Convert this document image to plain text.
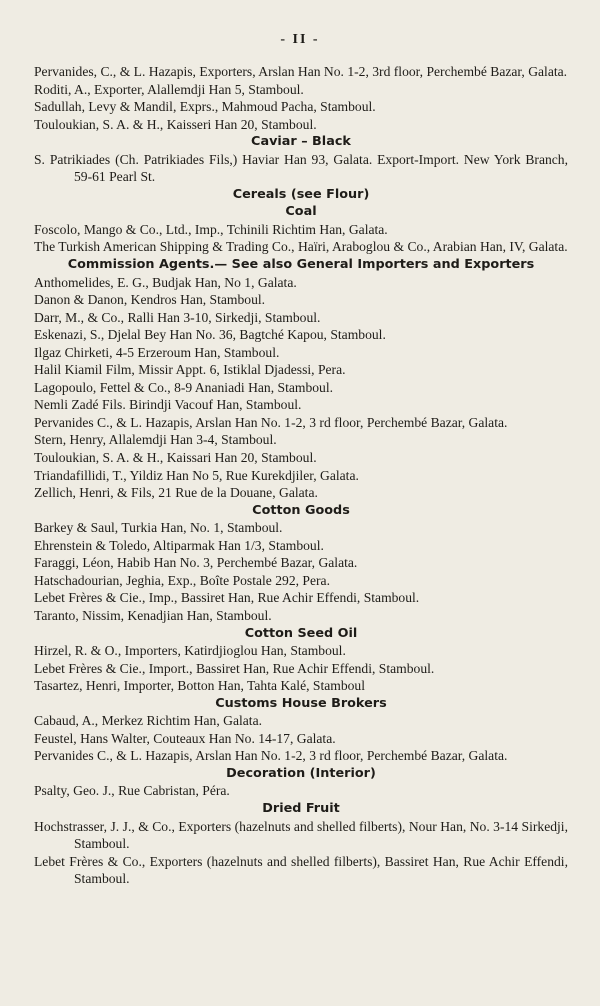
- II -

Pervanides, C., & L. Hazapis, Exporters, Arslan Han No. 1-2, 3rd floor, Perchembé Bazar, Galata.

Roditi, A., Exporter, Alallemdji Han 5, Stamboul.

Sadullah, Levy & Mandil, Exprs., Mahmoud Pacha, Stamboul.

Touloukian, S. A. & H., Kaisseri Han 20, Stamboul.

Caviar – Black

S. Patrikiades (Ch. Patrikiades Fils,) Haviar Han 93, Galata. Export-Import. New York Branch, 59-61 Pearl St.

Cereals (see Flour)

Coal

Foscolo, Mango & Co., Ltd., Imp., Tchinili Richtim Han, Galata.

The Turkish American Shipping & Trading Co., Haïri, Araboglou & Co., Arabian Han, IV, Galata.

Commission Agents.— See also General Importers and Exporters

Anthomelides, E. G., Budjak Han, No 1, Galata.

Danon & Danon, Kendros Han, Stamboul.

Darr, M., & Co., Ralli Han 3-10, Sirkedji, Stamboul.

Eskenazi, S., Djelal Bey Han No. 36, Bagtché Kapou, Stamboul.

Ilgaz Chirketi, 4-5 Erzeroum Han, Stamboul.

Halil Kiamil Film, Missir Appt. 6, Istiklal Djadessi, Pera.

Lagopoulo, Fettel & Co., 8-9 Ananiadi Han, Stamboul.

Nemli Zadé Fils. Birindji Vacouf Han, Stamboul.

Pervanides C., & L. Hazapis, Arslan Han No. 1-2, 3 rd floor, Perchembé Bazar, Galata.

Stern, Henry, Allalemdji Han 3-4, Stamboul.

Touloukian, S. A. & H., Kaissari Han 20, Stamboul.

Triandafillidi, T., Yildiz Han No 5, Rue Kurekdjiler, Galata.

Zellich, Henri, & Fils, 21 Rue de la Douane, Galata.

Cotton Goods

Barkey & Saul, Turkia Han, No. 1, Stamboul.

Ehrenstein & Toledo, Altiparmak Han 1/3, Stamboul.

Faraggi, Léon, Habib Han No. 3, Perchembé Bazar, Galata.

Hatschadourian, Jeghia, Exp., Boîte Postale 292, Pera.

Lebet Frères & Cie., Imp., Bassiret Han, Rue Achir Effendi, Stamboul.

Taranto, Nissim, Kenadjian Han, Stamboul.

Cotton Seed Oil

Hirzel, R. & O., Importers, Katirdjioglou Han, Stamboul.

Lebet Frères & Cie., Import., Bassiret Han, Rue Achir Effendi, Stamboul.

Tasartez, Henri, Importer, Botton Han, Tahta Kalé, Stamboul

Customs House Brokers

Cabaud, A., Merkez Richtim Han, Galata.

Feustel, Hans Walter, Couteaux Han No. 14-17, Galata.

Pervanides C., & L. Hazapis, Arslan Han No. 1-2, 3 rd floor, Perchembé Bazar, Galata.

Decoration (Interior)

Psalty, Geo. J., Rue Cabristan, Péra.

Dried Fruit

Hochstrasser, J. J., & Co., Exporters (hazelnuts and shelled filberts), Nour Han, No. 3-14 Sirkedji, Stamboul.

Lebet Frères & Co., Exporters (hazelnuts and shelled filberts), Bassiret Han, Rue Achir Effendi, Stamboul.
